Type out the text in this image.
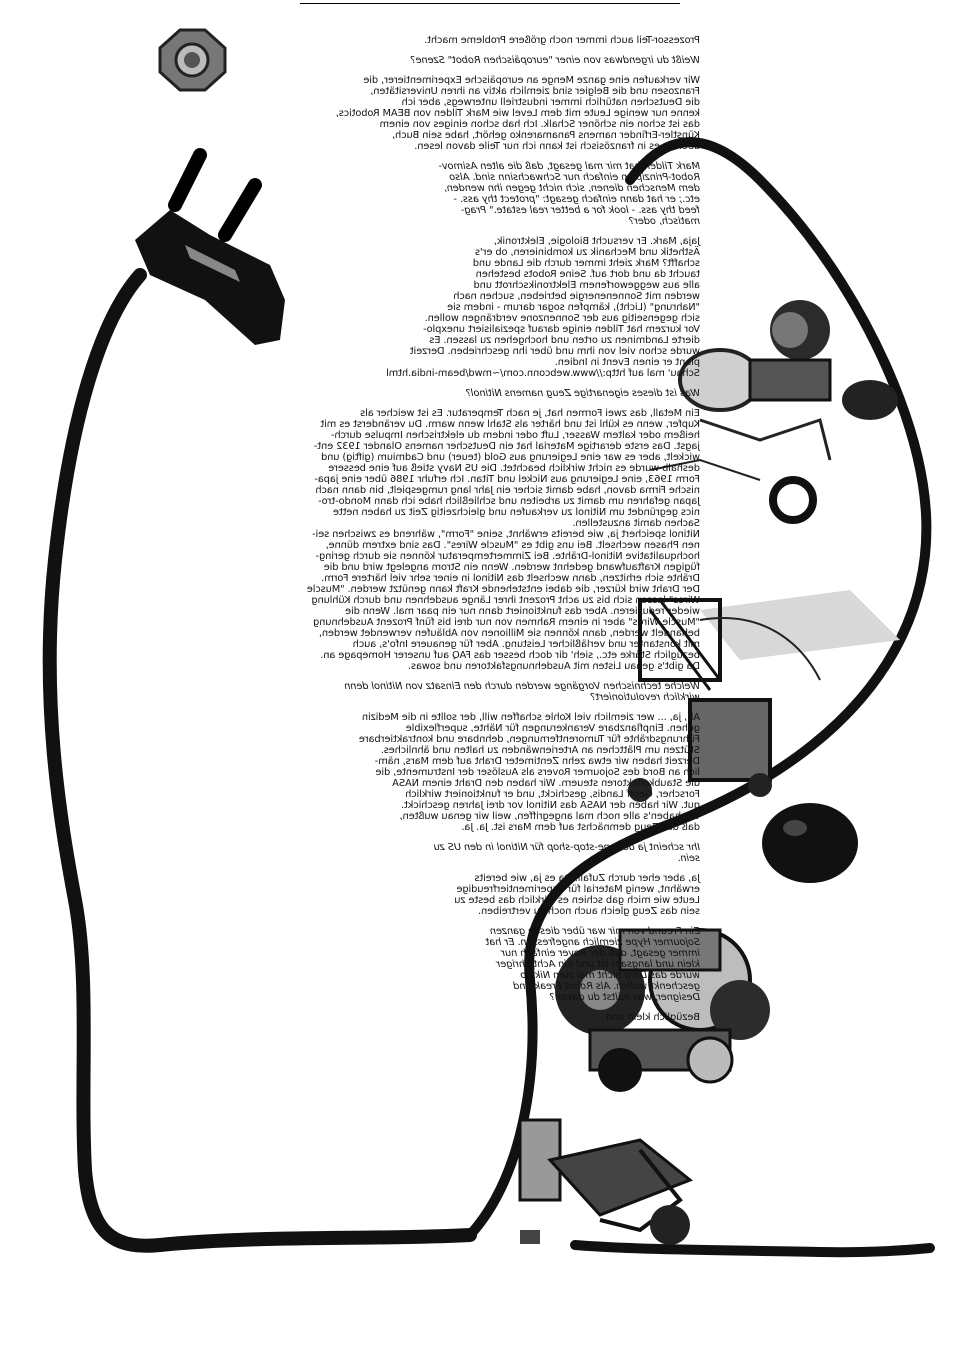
Prozessor-Teil auch immer noch größere Probleme macht.
Weißt du irgendwas von einer "europäischen Robot" Szene?
Wir verkaufen eine ganze Menge an europäische Experimentierer, die
Franzosen und die Belgier sind ziemlich aktiv an ihren Universitäten,
die Deutschen natürlich immer industriell unterwegs, aber ich
kenne nur wenige Leute mit dem Level wie Mark Tilden von BEAM Robotics,
das ist schon ein schöner Schalk. Ich hab schon einiges von einem
Künstler-Erfinder namens Panamarenko gehört, habe sein Buch,
aber da es in französisch ist kann ich nur Teile davon lesen.
Mark Tilden hat mir mal gesagt, daß die alten Asimov-
Robot-Prinzipien einfach nur Schwachsinn sind. Also
dem Menschen dienen, sich nicht gegen ihn wenden,
etc.; er hat dann einfach gesagt: "protect thy ass. -
feed thy ass. - look for a better real estate." Prag-
matisch, oder?
Jaja, Mark. Er versucht Biologie, Elektronik,
Ästhetik und Mechanik zu kombinieren, ob er's
schafft? Mark zieht immer durch die Lande und
taucht da und dort auf. Seine Robots bestehen
alle aus weggeworfenem Elektronikschrott und
werden mit Sonnenenergie betrieben, suchen nach
"Nahrung" (Licht), kämpfen sogar darum - indem sie
sich gegenseitig aus der Sonnenzone verdrängen wollen.
Vor kurzem hat Tilden einige darauf spezialisiert unexplo-
dierte Landminen zu orten und hochgehen zu lassen. Es
wurde schon viel von ihm und über ihn geschrieben. Derzeit
plant er einen Event in Indien.
Schau' mal auf http://www.webconn.com/~mwd/beam-india.html
Was ist dieses eigenartige Zeug namens Nitinol?
Ein Metall, das zwei Formen hat, je nach Temperatur. Es ist weicher als
Kupfer, wenn es kühl ist und härter als Stahl wenn warm. Du veränderst es mit
heißem oder kaltem Wasser, Luft oder indem du elektrischen Impulse durch-
jagst. Das erste derartige Material hat ein Deutscher namens Olander 1932 ent-
wickelt, aber es war eine Legierung aus Gold (teuer) und Cadmium (giftig) und
deshalb wurde es nicht wirklich beachtet. Die US Navy stieß auf eine bessere
Form 1963, eine Legierung aus Nickel und Titan. Ich erfuhr 1986 über eine japa-
nische Firma davon, habe damit sicher ein Jahr lang rumgespielt, bin dann nach
Japan gefahren um damit zu arbeiten und schließlich habe ich dann Mondo-tro-
nics gegründet um Nitinol zu verkaufen und gleichzeitig Zeit zu haben nette
Sachen damit anzustellen.
Nitinol speichert ja, wie bereits erwähnt, seine "Form", während es zwischen sei-
nen Phasen wechselt. Bei uns gibt es "Muscle Wires". Das sind extrem dünne,
hochqualitative Nitinol-Drähte. Bei Zimmertemperatur können sie durch gering-
fügigen Kraftaufwand gedehnt werden. Wenn ein Strom angelegt wird und die
Drähte sich erhitzen, dann wechselt das Nitinol in einer sehr viel härtere Form.
Der Draht wird kürzer, die dabei entstehende Kraft kann genützt werden. "Muscle
Wires" lassen sich bis zu acht Prozent ihrer Länge ausdehnen und durch Kühlung
wieder reduzieren. Aber das funktioniert dann nur ein paar mal. Wenn die
"Muscle Wires" aber in einem Rahmen von nur drei bis fünf Prozent Ausdehnung
behandelt werden, dann können sie Millionen von Abläufen verwendet werden,
mit konstanter und verläßlicher Leistung. Aber für genauere Info's, auch
bezüglich Stärke etc., sieh' dir doch besser das FAQ auf unserer Homepage an.
Da gibt's genau Listen mit Ausdehnungsfaktoren und sowas.
Welche technischen Vorgänge werden durch den Einsatz von Nitinol denn
wirklich revolutioniert?
Ah, ja, ... wer ziemlich viel Kohle schaffen will, der sollte in die Medizin
gehen. Einpflanzbare Verankerungen für Nähte, superflexible
Führungsdrähte für Tumorentfernungen, dehnbare und kontraktierbare
Stützen um Plättchen an Arterienwänden zu halten und ähnliches.
Derzeit haben wir etwa zehn Zentimeter Draht auf dem Mars, näm-
lich an Bord des Sojourner Rovers als Auslöser der Instrumente, die
die Staubkollektoren steuern. Wir haben den Draht einem NASA
Forscher, Geoff Landis, geschickt, und er funktioniert wirklich
gut. Wir haben der NASA das Nitinol vor drei Jahren geschickt.
Wir haben's alle noch mal angegriffen, weil wir genau wußten,
daß das Zeug demnächst auf dem Mars ist. Ja. Ja.
Ihr scheint ja der one-stop-shop für Nitinol in den US zu
sein.
Ja, aber eher durch Zufall. Da es ja, wie bereits
erwähnt, wenig Material für experimentierfreudige
Leute wie mich gab schien es wirklich das beste zu
sein das Zeug gleich auch noch zu vertreiben.
Ein Freund von mir war über diesen ganzen
Sojourner Hype ziemlich angefressen. Er hat
immer gesagt, daß der Rover einfach nur
klein und langsam ist und ein Achtjähriger
würde das Ding nicht mal zum Nikolo
geschenkt wollen. Als Robot Freak und
Designer, was hältst du davon?
Bezüglich klein und
